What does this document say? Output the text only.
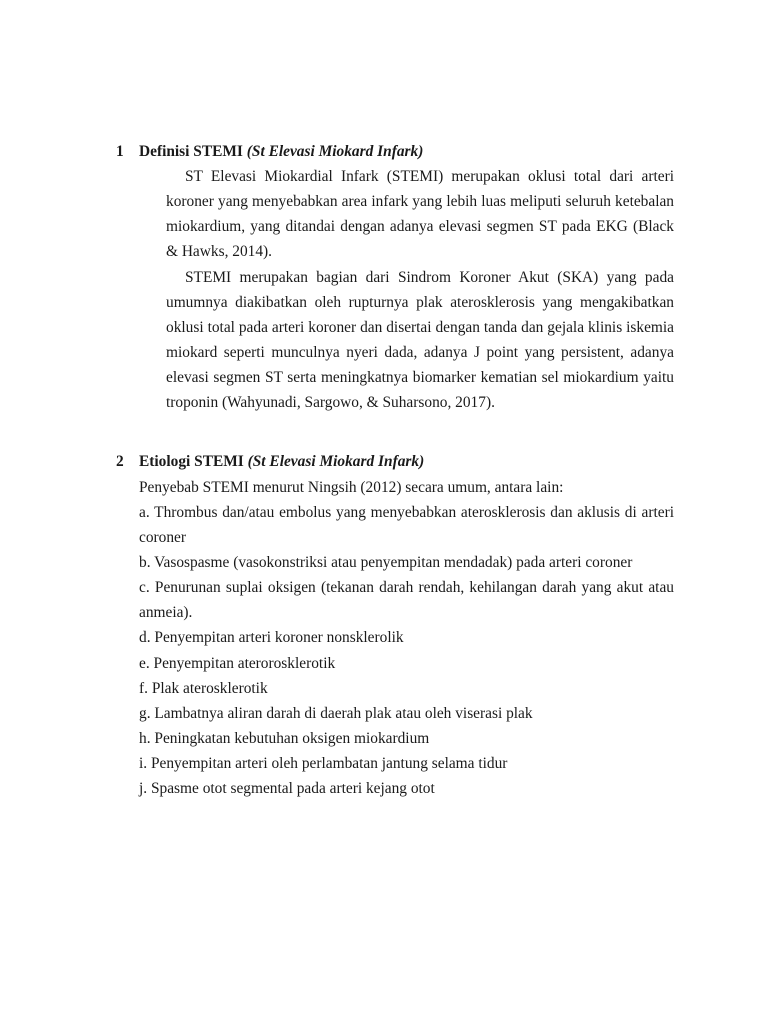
1 Definisi STEMI (St Elevasi Miokard Infark)

ST Elevasi Miokardial Infark (STEMI) merupakan oklusi total dari arteri koroner yang menyebabkan area infark yang lebih luas meliputi seluruh ketebalan miokardium, yang ditandai dengan adanya elevasi segmen ST pada EKG (Black & Hawks, 2014).

STEMI merupakan bagian dari Sindrom Koroner Akut (SKA) yang pada umumnya diakibatkan oleh rupturnya plak aterosklerosis yang mengakibatkan oklusi total pada arteri koroner dan disertai dengan tanda dan gejala klinis iskemia miokard seperti munculnya nyeri dada, adanya J point yang persistent, adanya elevasi segmen ST serta meningkatnya biomarker kematian sel miokardium yaitu troponin (Wahyunadi, Sargowo, & Suharsono, 2017).

2 Etiologi STEMI (St Elevasi Miokard Infark)

Penyebab STEMI menurut Ningsih (2012) secara umum, antara lain:

a. Thrombus dan/atau embolus yang menyebabkan aterosklerosis dan aklusis di arteri coroner

b. Vasospasme (vasokonstriksi atau penyempitan mendadak) pada arteri coroner

c. Penurunan suplai oksigen (tekanan darah rendah, kehilangan darah yang akut atau anmeia).

d. Penyempitan arteri koroner nonsklerolik

e. Penyempitan aterorosklerotik

f. Plak aterosklerotik

g. Lambatnya aliran darah di daerah plak atau oleh viserasi plak

h. Peningkatan kebutuhan oksigen miokardium

i. Penyempitan arteri oleh perlambatan jantung selama tidur

j. Spasme otot segmental pada arteri kejang otot
